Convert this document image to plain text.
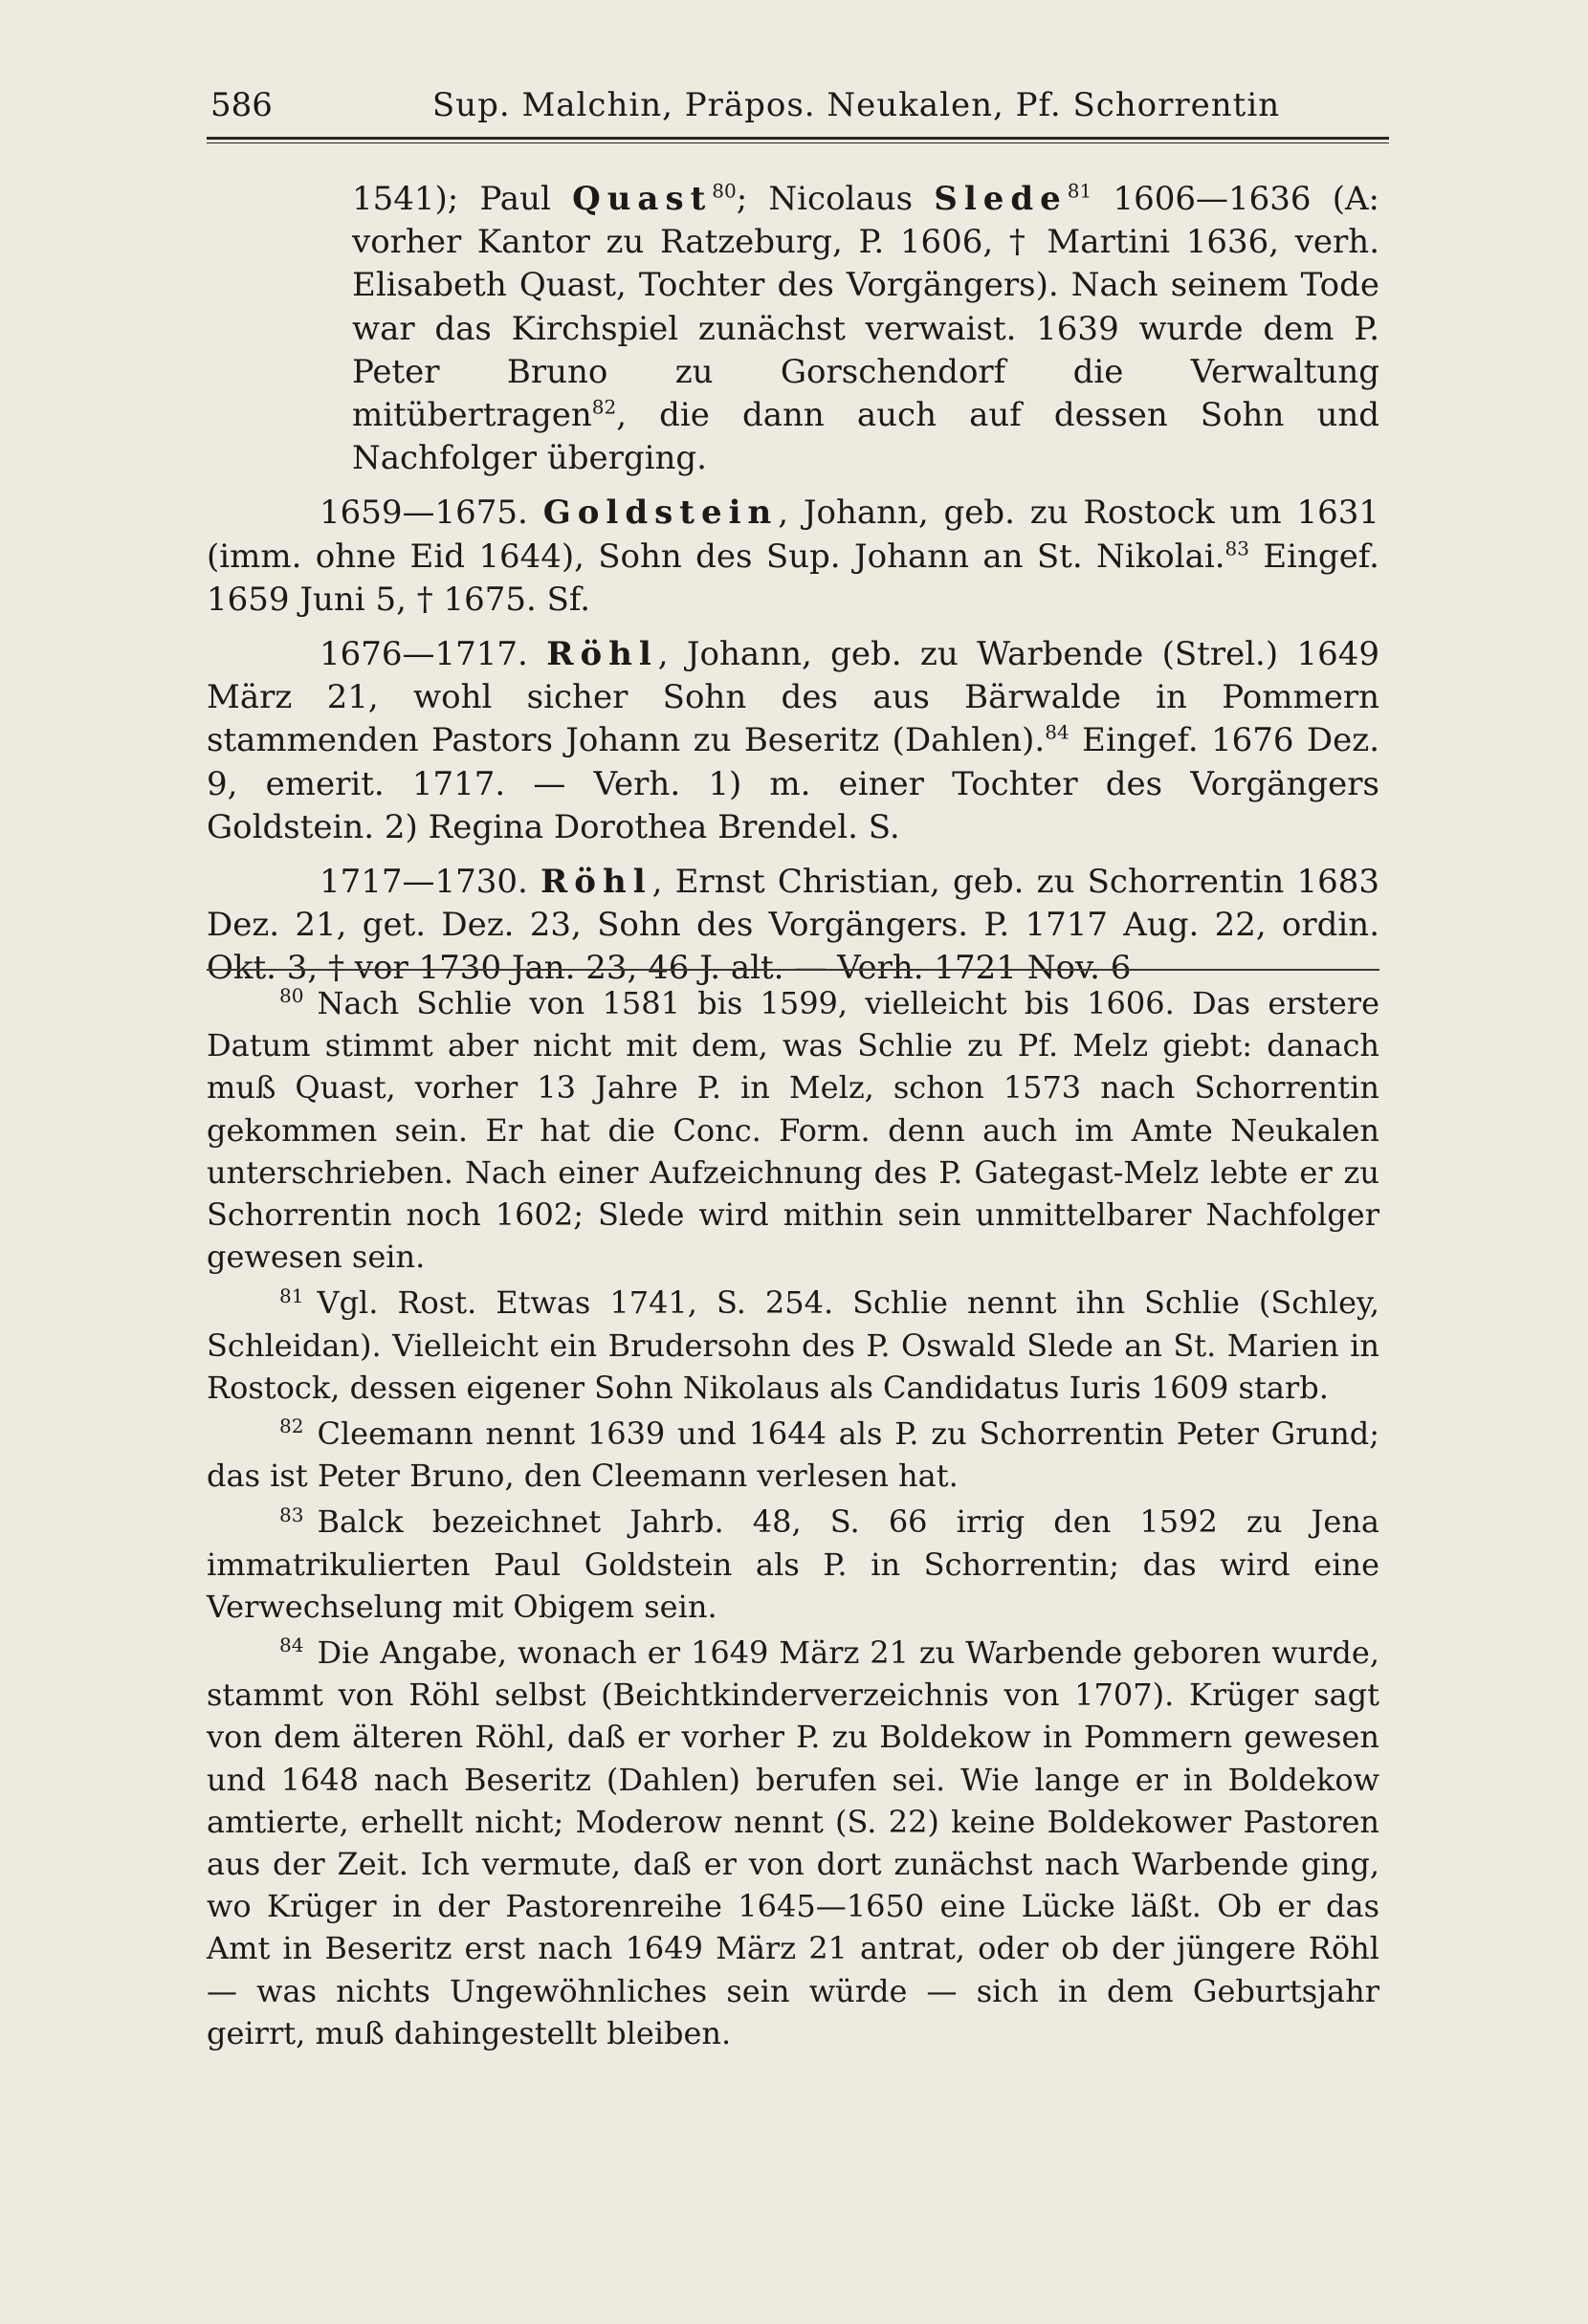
586	Sup. Malchin, Präpos. Neukalen, Pf. Schorrentin

1541); Paul Quast$^{80}$; Nicolaus Slede$^{81}$ 1606—1636 (A: vorher Kantor zu Ratzeburg, P. 1606, † Martini 1636, verh. Elisabeth Quast, Tochter des Vorgängers). Nach seinem Tode war das Kirchspiel zunächst verwaist. 1639 wurde dem P. Peter Bruno zu Gorschendorf die Verwaltung mitübertragen$^{82}$, die dann auch auf dessen Sohn und Nachfolger überging.

1659—1675. Goldstein, Johann, geb. zu Rostock um 1631 (imm. ohne Eid 1644), Sohn des Sup. Johann an St. Nikolai.$^{83}$ Eingef. 1659 Juni 5, † 1675. Sf.

1676—1717. Röhl, Johann, geb. zu Warbende (Strel.) 1649 März 21, wohl sicher Sohn des aus Bärwalde in Pommern stammenden Pastors Johann zu Beseritz (Dahlen).$^{84}$ Eingef. 1676 Dez. 9, emerit. 1717. — Verh. 1) m. einer Tochter des Vorgängers Goldstein. 2) Regina Dorothea Brendel. S.

1717—1730. Röhl, Ernst Christian, geb. zu Schorrentin 1683 Dez. 21, get. Dez. 23, Sohn des Vorgängers. P. 1717 Aug. 22, ordin. Okt. 3, † vor 1730 Jan. 23, 46 J. alt. — Verh. 1721 Nov. 6

$^{80}$ Nach Schlie von 1581 bis 1599, vielleicht bis 1606. Das erstere Datum stimmt aber nicht mit dem, was Schlie zu Pf. Melz giebt: danach muß Quast, vorher 13 Jahre P. in Melz, schon 1573 nach Schorrentin gekommen sein. Er hat die Conc. Form. denn auch im Amte Neukalen unterschrieben. Nach einer Aufzeichnung des P. Gategast-Melz lebte er zu Schorrentin noch 1602; Slede wird mithin sein unmittelbarer Nachfolger gewesen sein.

$^{81}$ Vgl. Rost. Etwas 1741, S. 254. Schlie nennt ihn Schlie (Schley, Schleidan). Vielleicht ein Brudersohn des P. Oswald Slede an St. Marien in Rostock, dessen eigener Sohn Nikolaus als Candidatus Iuris 1609 starb.

$^{82}$ Cleemann nennt 1639 und 1644 als P. zu Schorrentin Peter Grund; das ist Peter Bruno, den Cleemann verlesen hat.

$^{83}$ Balck bezeichnet Jahrb. 48, S. 66 irrig den 1592 zu Jena immatrikulierten Paul Goldstein als P. in Schorrentin; das wird eine Verwechselung mit Obigem sein.

$^{84}$ Die Angabe, wonach er 1649 März 21 zu Warbende geboren wurde, stammt von Röhl selbst (Beichtkinderverzeichnis von 1707). Krüger sagt von dem älteren Röhl, daß er vorher P. zu Boldekow in Pommern gewesen und 1648 nach Beseritz (Dahlen) berufen sei. Wie lange er in Boldekow amtierte, erhellt nicht; Moderow nennt (S. 22) keine Boldekower Pastoren aus der Zeit. Ich vermute, daß er von dort zunächst nach Warbende ging, wo Krüger in der Pastorenreihe 1645—1650 eine Lücke läßt. Ob er das Amt in Beseritz erst nach 1649 März 21 antrat, oder ob der jüngere Röhl — was nichts Ungewöhnliches sein würde — sich in dem Geburtsjahr geirrt, muß dahingestellt bleiben.
